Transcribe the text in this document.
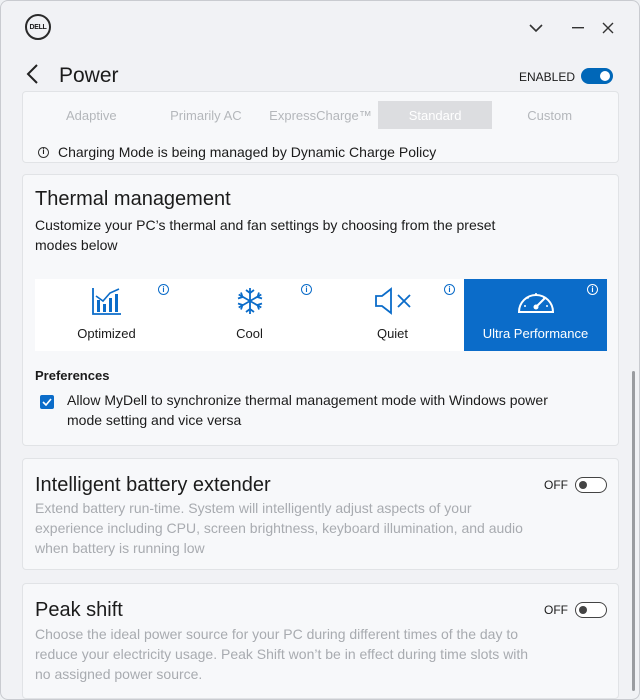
DELL
Power	ENABLED
Adaptive	Primarily AC	ExpressCharge™	Standard	Custom
i Charging Mode is being managed by Dynamic Charge Policy
Thermal management
Customize your PC’s thermal and fan settings by choosing from the preset modes below
i
Optimized
i
Cool
i
Quiet
i
Ultra Performance
Preferences
Allow MyDell to synchronize thermal management mode with Windows power mode setting and vice versa
Intelligent battery extender	OFF
Extend battery run-time. System will intelligently adjust aspects of your experience including CPU, screen brightness, keyboard illumination, and audio when battery is running low
Peak shift	OFF
Choose the ideal power source for your PC during different times of the day to reduce your electricity usage. Peak Shift won’t be in effect during time slots with no assigned power source.
